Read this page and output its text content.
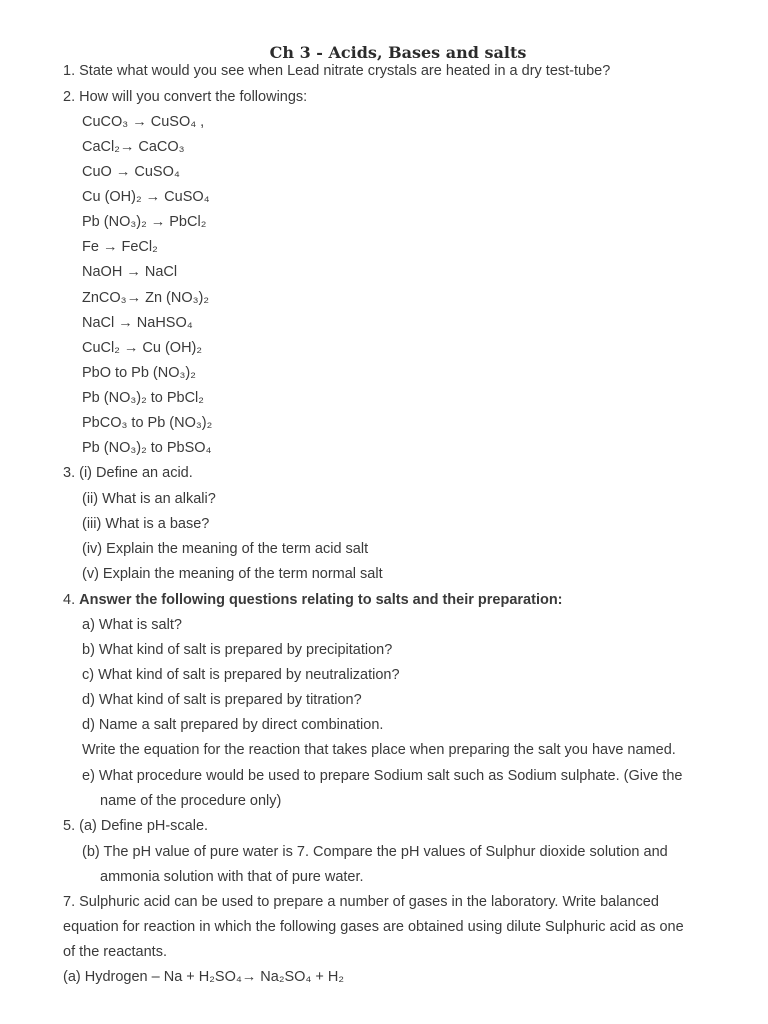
Ch 3 - Acids, Bases and salts
1. State what would you see when Lead nitrate crystals are heated in a dry test-tube?
2. How will you convert the followings:
CuCO₃ → CuSO₄ ,
CaCl₂→ CaCO₃
CuO → CuSO₄
Cu (OH)₂ → CuSO₄
Pb (NO₃)₂ → PbCl₂
Fe → FeCl₂
NaOH → NaCl
ZnCO₃→ Zn (NO₃)₂
NaCl → NaHSO₄
CuCl₂ → Cu (OH)₂
PbO to Pb (NO₃)₂
Pb (NO₃)₂ to PbCl₂
PbCO₃ to Pb (NO₃)₂
Pb (NO₃)₂ to PbSO₄
3. (i) Define an acid.
(ii) What is an alkali?
(iii) What is a base?
(iv) Explain the meaning of the term acid salt
(v) Explain the meaning of the term normal salt
4. Answer the following questions relating to salts and their preparation:
a) What is salt?
b) What kind of salt is prepared by precipitation?
c) What kind of salt is prepared by neutralization?
d) What kind of salt is prepared by titration?
d) Name a salt prepared by direct combination.
Write the equation for the reaction that takes place when preparing the salt you have named.
e) What procedure would be used to prepare Sodium salt such as Sodium sulphate. (Give the
name of the procedure only)
5. (a) Define pH-scale.
(b) The pH value of pure water is 7. Compare the pH values of Sulphur dioxide solution and
ammonia solution with that of pure water.
7. Sulphuric acid can be used to prepare a number of gases in the laboratory. Write balanced
equation for reaction in which the following gases are obtained using dilute Sulphuric acid as one
of the reactants.
(a) Hydrogen – Na + H₂SO₄→ Na₂SO₄ + H₂
